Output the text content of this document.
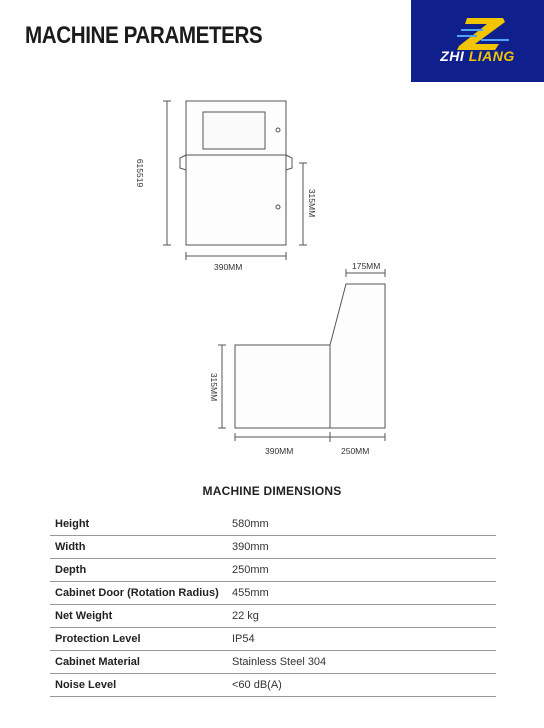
MACHINE PARAMETERS
ZHI LIANG
615519
390MM
315MM
175MM
315MM
390MM	250MM
MACHINE DIMENSIONS
Height	580mm
Width	390mm
Depth	250mm
Cabinet Door (Rotation Radius)	455mm
Net Weight	22 kg
Protection Level	IP54
Cabinet Material	Stainless Steel 304
Noise Level	<60 dB(A)
